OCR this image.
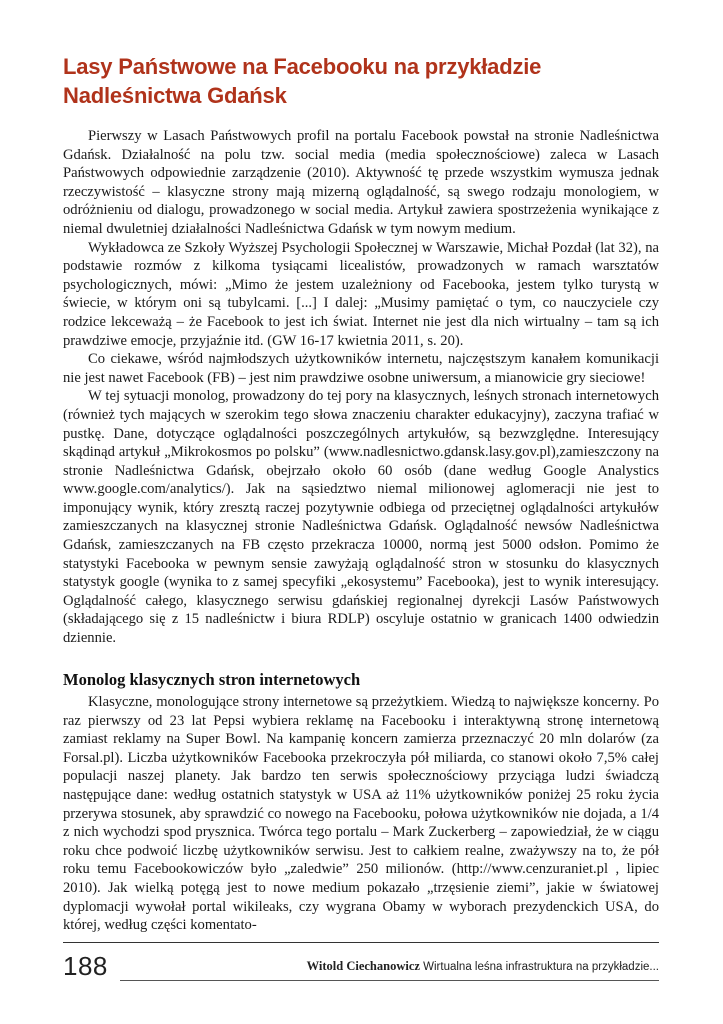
Lasy Państwowe na Facebooku na przykładzie
Nadleśnictwa Gdańsk

Pierwszy w Lasach Państwowych profil na portalu Facebook powstał na stronie Nadleśnictwa Gdańsk. Działalność na polu tzw. social media (media społecznościowe) zaleca w Lasach Państwowych odpowiednie zarządzenie (2010). Aktywność tę przede wszystkim wymusza jednak rzeczywistość – klasyczne strony mają mizerną oglądalność, są swego rodzaju monologiem, w odróżnieniu od dialogu, prowadzonego w social media. Artykuł zawiera spostrzeżenia wynikające z niemal dwuletniej działalności Nadleśnictwa Gdańsk w tym nowym medium.

Wykładowca ze Szkoły Wyższej Psychologii Społecznej w Warszawie, Michał Pozdał (lat 32), na podstawie rozmów z kilkoma tysiącami licealistów, prowadzonych w ramach warsztatów psychologicznych, mówi: „Mimo że jestem uzależniony od Facebooka, jestem tylko turystą w świecie, w którym oni są tubylcami. [...] I dalej: „Musimy pamiętać o tym, co nauczyciele czy rodzice lekceważą – że Facebook to jest ich świat. Internet nie jest dla nich wirtualny – tam są ich prawdziwe emocje, przyjaźnie itd. (GW 16-17 kwietnia 2011, s. 20).

Co ciekawe, wśród najmłodszych użytkowników internetu, najczęstszym kanałem komunikacji nie jest nawet Facebook (FB) – jest nim prawdziwe osobne uniwersum, a mianowicie gry sieciowe!

W tej sytuacji monolog, prowadzony do tej pory na klasycznych, leśnych stronach internetowych (również tych mających w szerokim tego słowa znaczeniu charakter edukacyjny), zaczyna trafiać w pustkę. Dane, dotyczące oglądalności poszczególnych artykułów, są bezwzględne. Interesujący skądinąd artykuł „Mikrokosmos po polsku” (www.nadlesnictwo.gdansk.lasy.gov.pl),zamieszczony na stronie Nadleśnictwa Gdańsk, obejrzało około 60 osób (dane według Google Analystics www.google.com/analytics/). Jak na sąsiedztwo niemal milionowej aglomeracji nie jest to imponujący wynik, który zresztą raczej pozytywnie odbiega od przeciętnej oglądalności artykułów zamieszczanych na klasycznej stronie Nadleśnictwa Gdańsk. Oglądalność newsów Nadleśnictwa Gdańsk, zamieszczanych na FB często przekracza 10000, normą jest 5000 odsłon. Pomimo że statystyki Facebooka w pewnym sensie zawyżają oglądalność stron w stosunku do klasycznych statystyk google (wynika to z samej specyfiki „ekosystemu” Facebooka), jest to wynik interesujący. Oglądalność całego, klasycznego serwisu gdańskiej regionalnej dyrekcji Lasów Państwowych (składającego się z 15 nadleśnictw i biura RDLP) oscyluje ostatnio w granicach 1400 odwiedzin dziennie.

Monolog klasycznych stron internetowych

Klasyczne, monologujące strony internetowe są przeżytkiem. Wiedzą to największe koncerny. Po raz pierwszy od 23 lat Pepsi wybiera reklamę na Facebooku i interaktywną stronę internetową zamiast reklamy na Super Bowl. Na kampanię koncern zamierza przeznaczyć 20 mln dolarów (za Forsal.pl). Liczba użytkowników Facebooka przekroczyła pół miliarda, co stanowi około 7,5% całej populacji naszej planety. Jak bardzo ten serwis społecznościowy przyciąga ludzi świadczą następujące dane: według ostatnich statystyk w USA aż 11% użytkowników poniżej 25 roku życia przerywa stosunek, aby sprawdzić co nowego na Facebooku, połowa użytkowników nie dojada, a 1/4 z nich wychodzi spod prysznica. Twórca tego portalu – Mark Zuckerberg – zapowiedział, że w ciągu roku chce podwoić liczbę użytkowników serwisu. Jest to całkiem realne, zważywszy na to, że pół roku temu Facebookowiczów było „zaledwie” 250 milionów. (http://www.cenzuraniet.pl , lipiec 2010). Jak wielką potęgą jest to nowe medium pokazało „trzęsienie ziemi”, jakie w światowej dyplomacji wywołał portal wikileaks, czy wygrana Obamy w wyborach prezydenckich USA, do której, według części komentato-

188	Witold Ciechanowicz Wirtualna leśna infrastruktura na przykładzie...
